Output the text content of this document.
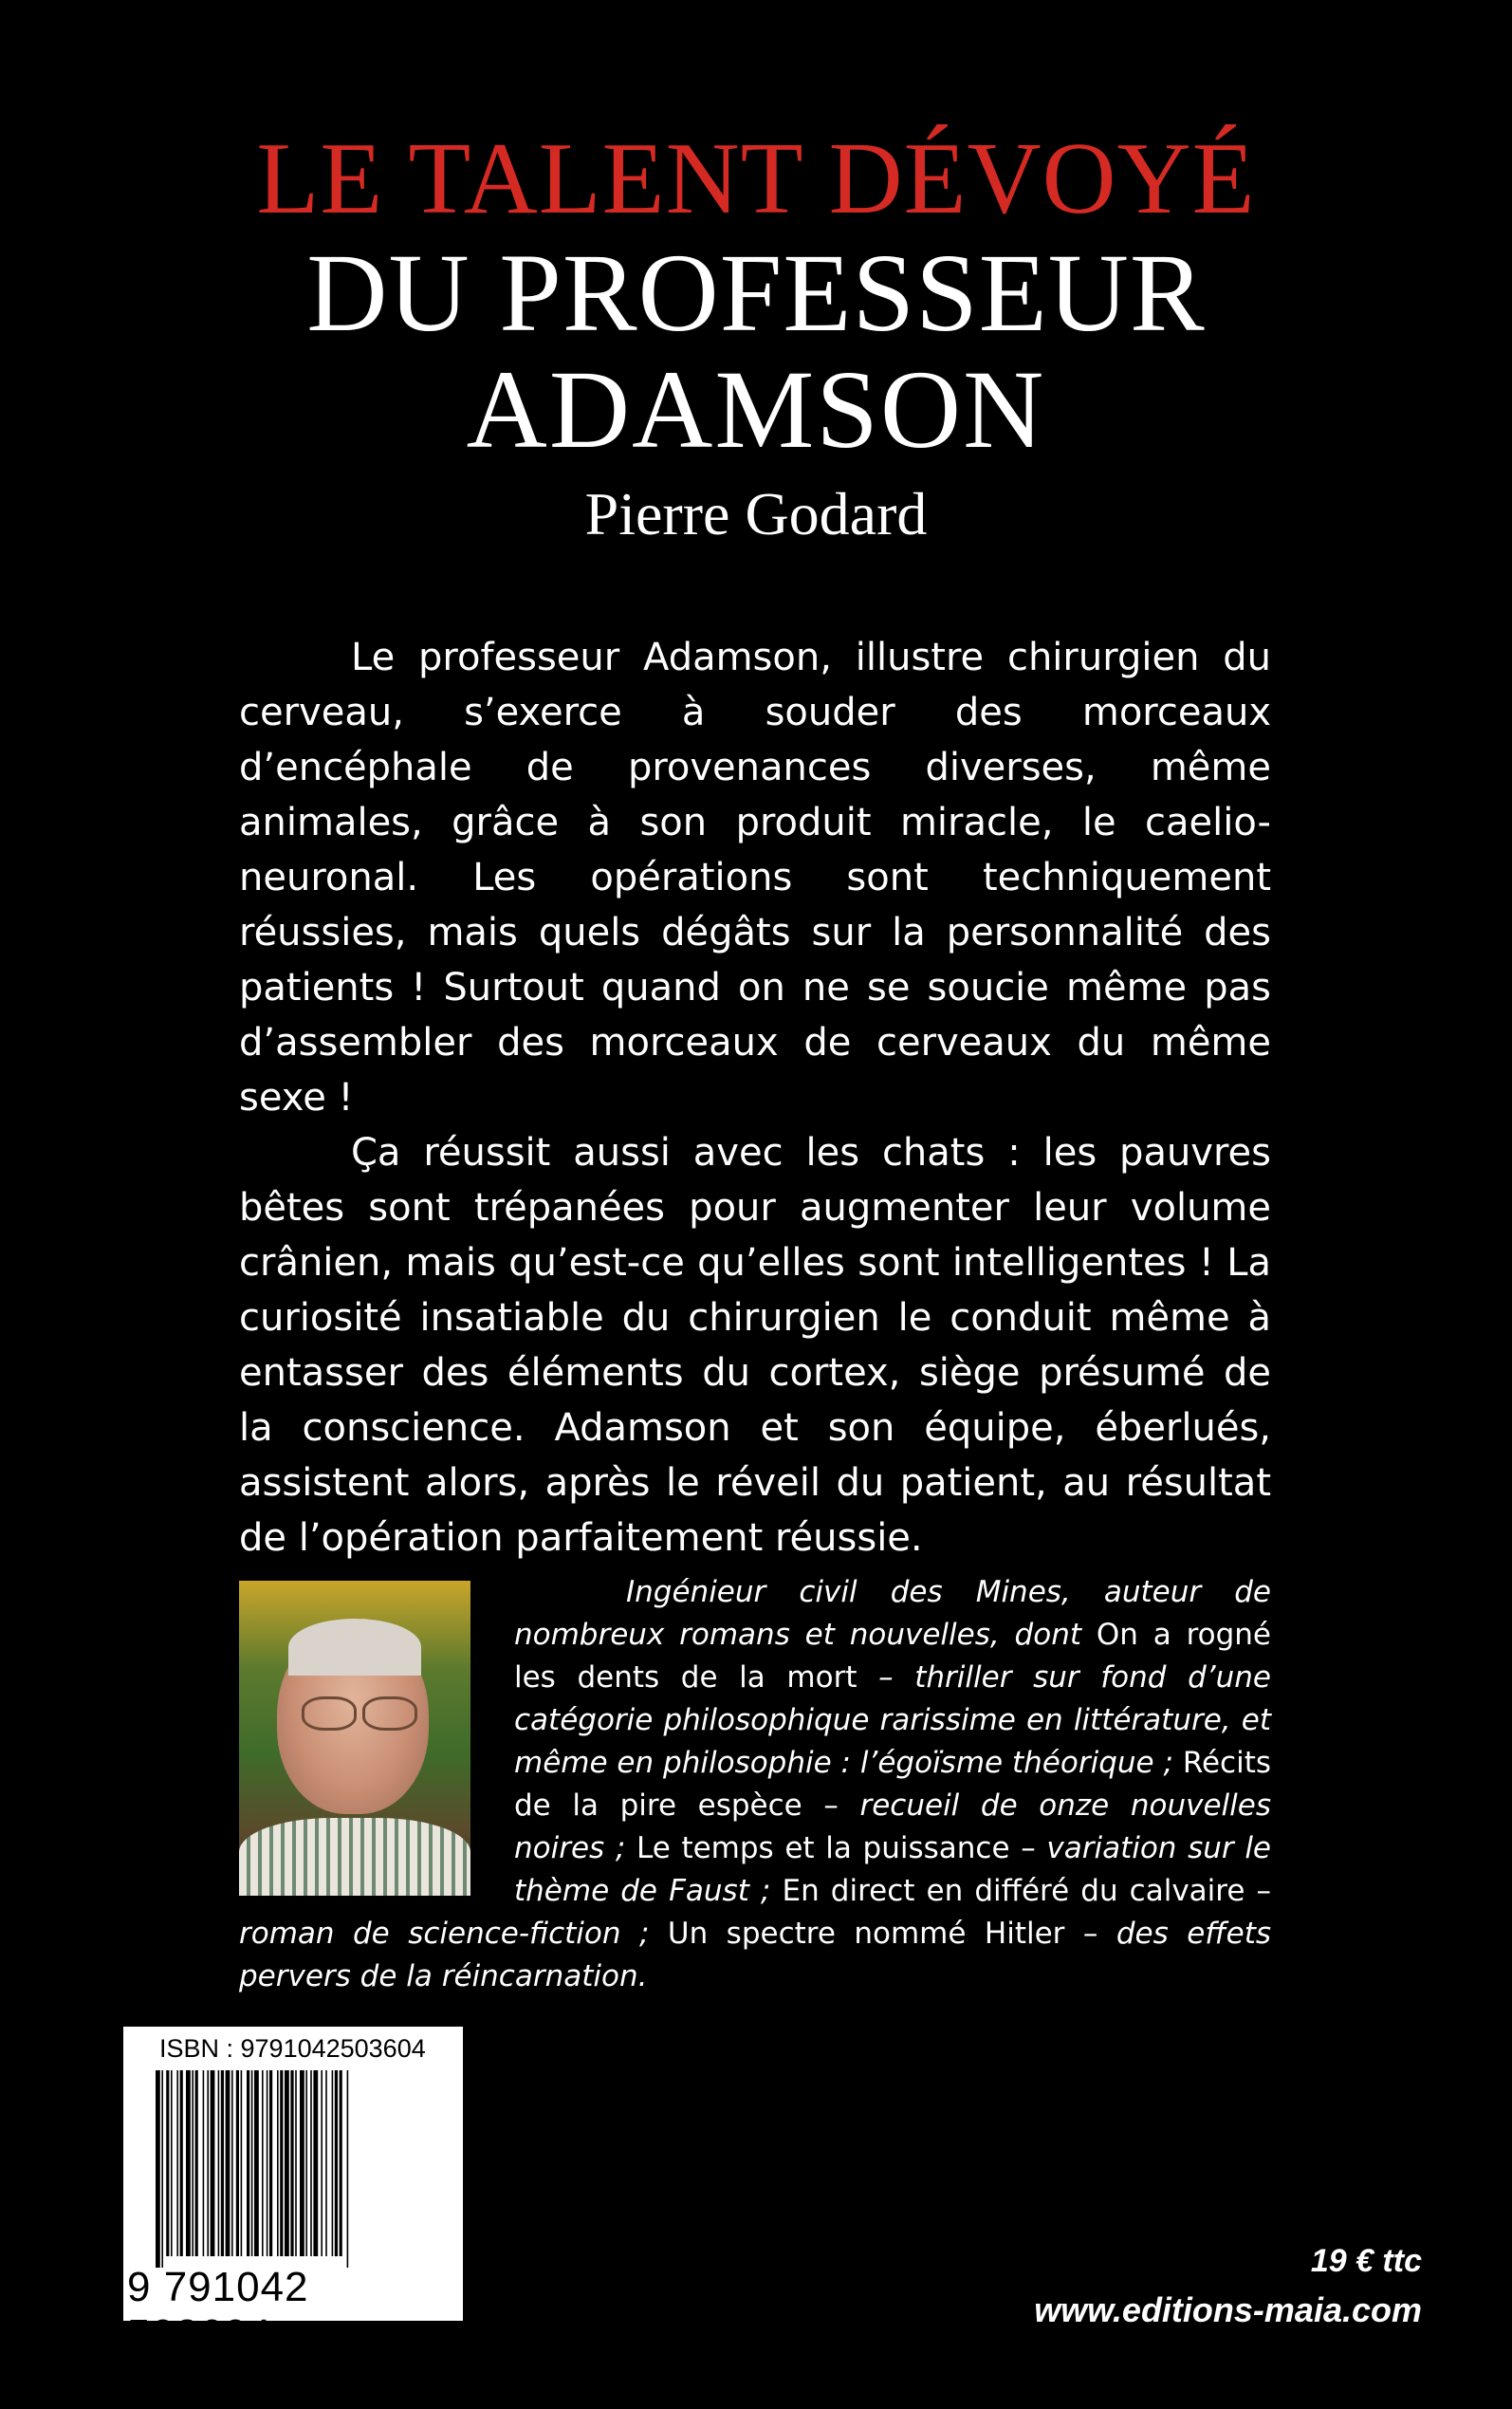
LE TALENT DÉVOYÉ
DU PROFESSEUR
ADAMSON
Pierre Godard

Le professeur Adamson, illustre chirurgien du cerveau, s’exerce à souder des morceaux d’encéphale de provenances diverses, même animales, grâce à son produit miracle, le caelio-neuronal. Les opérations sont techniquement réussies, mais quels dégâts sur la personnalité des patients ! Surtout quand on ne se soucie même pas d’assembler des morceaux de cerveaux du même sexe !

Ça réussit aussi avec les chats : les pauvres bêtes sont trépanées pour augmenter leur volume crânien, mais qu’est-ce qu’elles sont intelligentes ! La curiosité insatiable du chirurgien le conduit même à entasser des éléments du cortex, siège présumé de la conscience. Adamson et son équipe, éberlués, assistent alors, après le réveil du patient, au résultat de l’opération parfaitement réussie.

Ingénieur civil des Mines, auteur de nombreux romans et nouvelles, dont On a rogné les dents de la mort – thriller sur fond d’une catégorie philosophique rarissime en littérature, et même en philosophie : l’égoïsme théorique ; Récits de la pire espèce – recueil de onze nouvelles noires ; Le temps et la puissance – variation sur le thème de Faust ; En direct en différé du calvaire – roman de science-fiction ; Un spectre nommé Hitler – des effets pervers de la réincarnation.

ISBN : 9791042503604
9 791042 503604
19 € ttc
www.editions-maia.com
